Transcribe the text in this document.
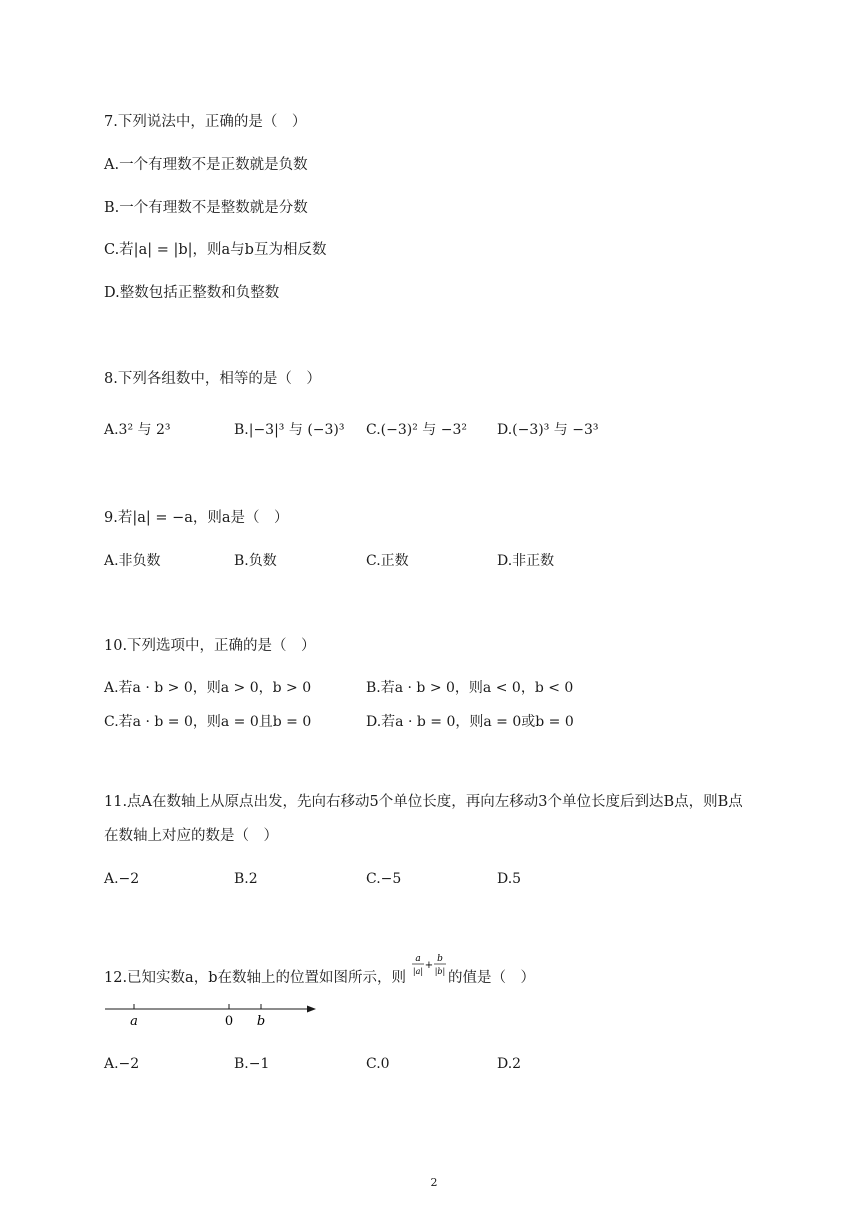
7.下列说法中，正确的是（　）
A.一个有理数不是正数就是负数
B.一个有理数不是整数就是分数
C.若|a| = |b|，则a与b互为相反数
D.整数包括正整数和负整数
8.下列各组数中，相等的是（　）
A.3² 与 2³	B.|−3|³ 与 (−3)³ C.(−3)² 与 −3² D.(−3)³ 与 −3³
9.若|a| = −a，则a是（　）
A.非负数	B.负数	C.正数	D.非正数
10.下列选项中，正确的是（　）
A.若a · b > 0，则a > 0，b > 0	B.若a · b > 0，则a < 0，b < 0
C.若a · b = 0，则a = 0且b = 0	D.若a · b = 0，则a = 0或b = 0
11.点A在数轴上从原点出发，先向右移动5个单位长度，再向左移动3个单位长度后到达B点，则B点
在数轴上对应的数是（　）
A.−2	B.2	C.−5	D.5
12.已知实数a，b在数轴上的位置如图所示，则
a
|a|
+
b
|b| 的值是（　）
a	0 b
A.−2	B.−1	C.0	D.2
2
